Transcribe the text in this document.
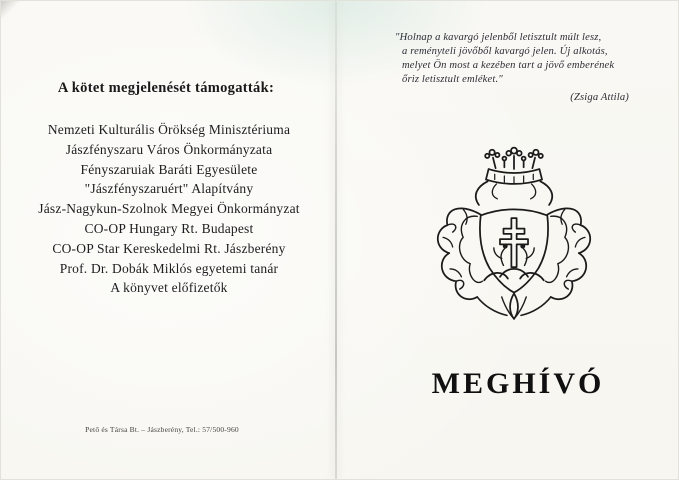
A kötet megjelenését támogatták:
Nemzeti Kulturális Örökség Minisztériuma
Jászfényszaru Város Önkormányzata
Fényszaruiak Baráti Egyesülete
"Jászfényszaruért" Alapítvány
Jász-Nagykun-Szolnok Megyei Önkormányzat
CO-OP Hungary Rt. Budapest
CO-OP Star Kereskedelmi Rt. Jászberény
Prof. Dr. Dobák Miklós egyetemi tanár
A könyvet előfizetők
Pető és Társa Bt. – Jászberény, Tel.: 57/500-960
"Holnap a kavargó jelenből letisztult múlt lesz,
a reményteli jövőből kavargó jelen. Új alkotás,
melyet Ön most a kezében tart a jövő emberének
őriz letisztult emléket."
(Zsiga Attila)
MEGHÍVÓ
